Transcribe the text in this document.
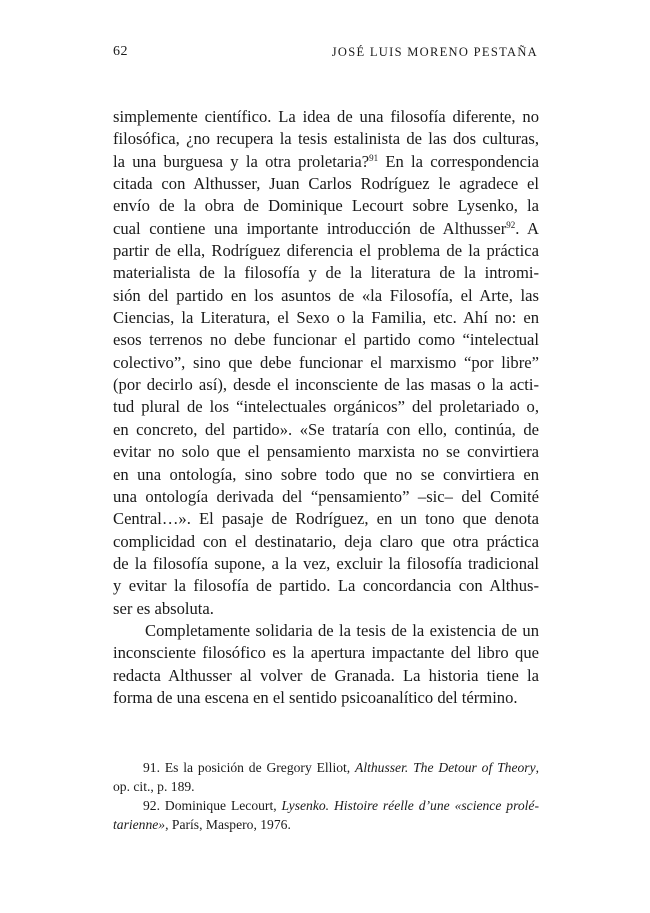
62	JOSÉ LUIS MORENO PESTAÑA
simplemente científico. La idea de una filosofía diferente, no
filosófica, ¿no recupera la tesis estalinista de las dos culturas,
la una burguesa y la otra proletaria?$^{91}$ En la correspondencia
citada con Althusser, Juan Carlos Rodríguez le agradece el
envío de la obra de Dominique Lecourt sobre Lysenko, la
cual contiene una importante introducción de Althusser$^{92}$. A
partir de ella, Rodríguez diferencia el problema de la práctica
materialista de la filosofía y de la literatura de la intromi-
sión del partido en los asuntos de «la Filosofía, el Arte, las
Ciencias, la Literatura, el Sexo o la Familia, etc. Ahí no: en
esos terrenos no debe funcionar el partido como “intelectual
colectivo”, sino que debe funcionar el marxismo “por libre”
(por decirlo así), desde el inconsciente de las masas o la acti-
tud plural de los “intelectuales orgánicos” del proletariado o,
en concreto, del partido». «Se trataría con ello, continúa, de
evitar no solo que el pensamiento marxista no se convirtiera
en una ontología, sino sobre todo que no se convirtiera en
una ontología derivada del “pensamiento” –sic– del Comité
Central…». El pasaje de Rodríguez, en un tono que denota
complicidad con el destinatario, deja claro que otra práctica
de la filosofía supone, a la vez, excluir la filosofía tradicional
y evitar la filosofía de partido. La concordancia con Althus-
ser es absoluta.
Completamente solidaria de la tesis de la existencia de un
inconsciente filosófico es la apertura impactante del libro que
redacta Althusser al volver de Granada. La historia tiene la
forma de una escena en el sentido psicoanalítico del término.
91. Es la posición de Gregory Elliot, Althusser. The Detour of Theory,
op. cit., p. 189.
92. Dominique Lecourt, Lysenko. Histoire réelle d’une «science prolé-
tarienne», París, Maspero, 1976.
